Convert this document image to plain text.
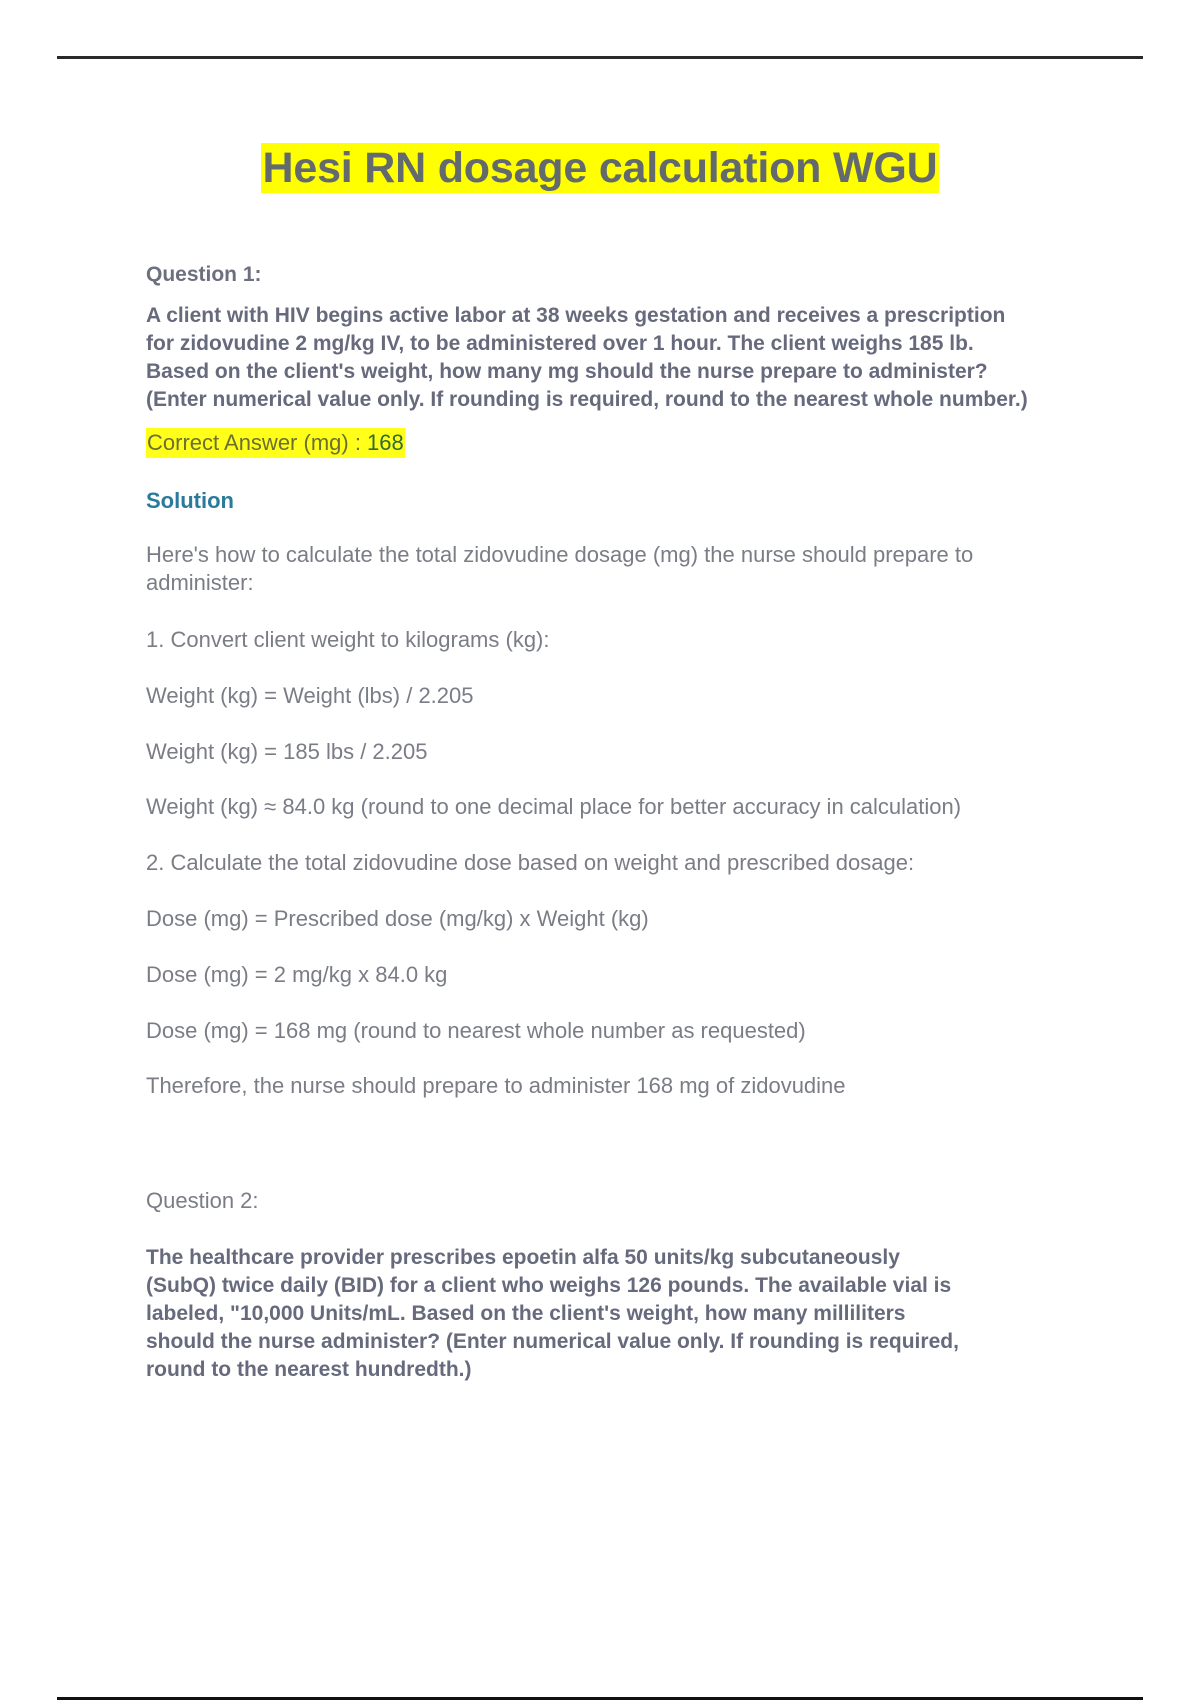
Hesi RN dosage calculation WGU
Question 1:
A client with HIV begins active labor at 38 weeks gestation and receives a prescription
for zidovudine 2 mg/kg IV, to be administered over 1 hour. The client weighs 185 lb.
Based on the client's weight, how many mg should the nurse prepare to administer?
(Enter numerical value only. If rounding is required, round to the nearest whole number.)
Correct Answer (mg) : 168
Solution
Here's how to calculate the total zidovudine dosage (mg) the nurse should prepare to administer:
1. Convert client weight to kilograms (kg):
Weight (kg) = Weight (lbs) / 2.205
Weight (kg) = 185 lbs / 2.205
Weight (kg) ≈ 84.0 kg (round to one decimal place for better accuracy in calculation)
2. Calculate the total zidovudine dose based on weight and prescribed dosage:
Dose (mg) = Prescribed dose (mg/kg) x Weight (kg)
Dose (mg) = 2 mg/kg x 84.0 kg
Dose (mg) = 168 mg (round to nearest whole number as requested)
Therefore, the nurse should prepare to administer 168 mg of zidovudine
Question 2:
The healthcare provider prescribes epoetin alfa 50 units/kg subcutaneously
(SubQ) twice daily (BID) for a client who weighs 126 pounds. The available vial is
labeled, "10,000 Units/mL. Based on the client's weight, how many milliliters
should the nurse administer? (Enter numerical value only. If rounding is required,
round to the nearest hundredth.)
